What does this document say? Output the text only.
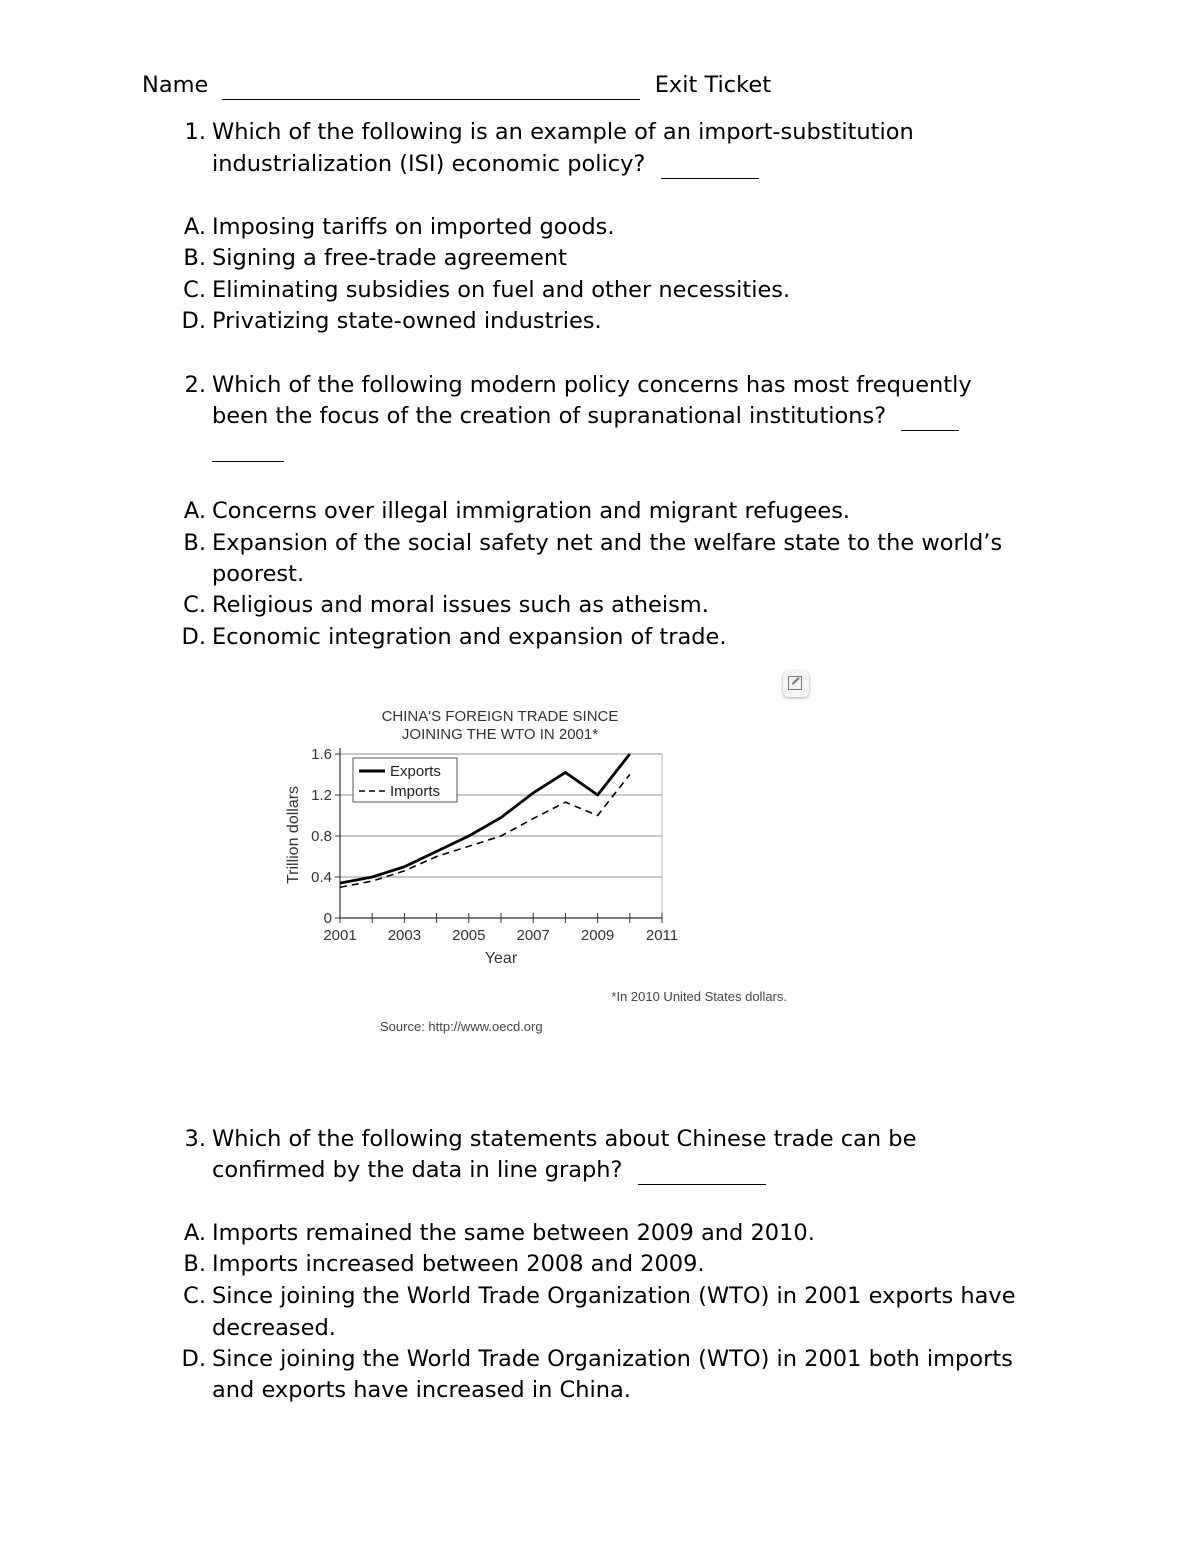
Name	Exit Ticket
1. Which of the following is an example of an import-substitution
industrialization (ISI) economic policy?
A. Imposing tariffs on imported goods.
B. Signing a free-trade agreement
C. Eliminating subsidies on fuel and other necessities.
D. Privatizing state-owned industries.
2. Which of the following modern policy concerns has most frequently
been the focus of the creation of supranational institutions?

A. Concerns over illegal immigration and migrant refugees.
B. Expansion of the social safety net and the welfare state to the world’s
poorest.
C. Religious and moral issues such as atheism.
D. Economic integration and expansion of trade.
CHINA'S FOREIGN TRADE SINCE
JOINING THE WTO IN 2001*
0
0.4
0.8
1.2
1.6
2001 2003 2005 2007 2009 2011
Trillion dollars
Year
Exports
Imports
*In 2010 United States dollars.
Source: http://www.oecd.org
3. Which of the following statements about Chinese trade can be
confirmed by the data in line graph?
A. Imports remained the same between 2009 and 2010.
B. Imports increased between 2008 and 2009.
C. Since joining the World Trade Organization (WTO) in 2001 exports have
decreased.
D. Since joining the World Trade Organization (WTO) in 2001 both imports
and exports have increased in China.
